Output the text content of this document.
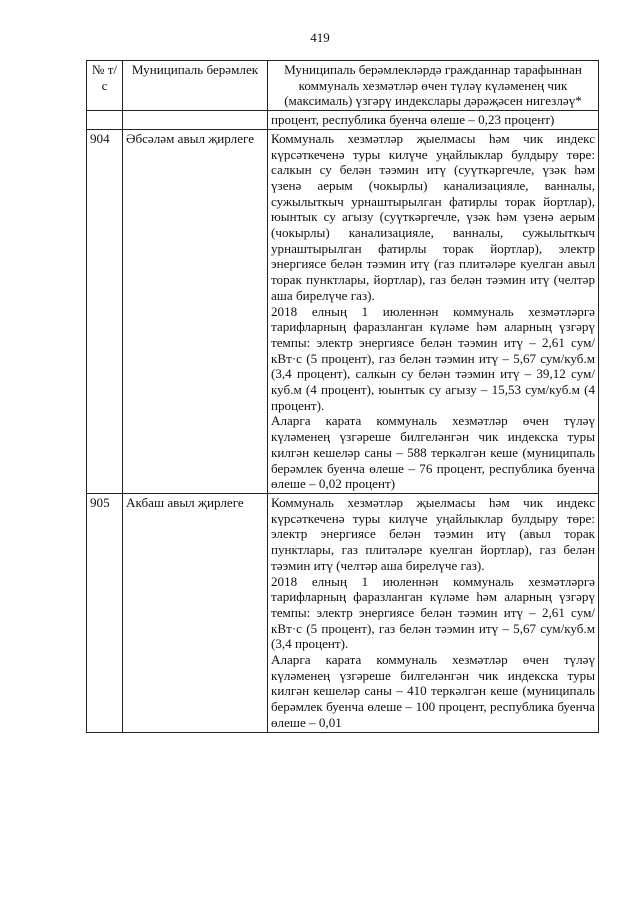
419
№ т/с	Муниципаль берәмлек	Муниципаль берәмлекләрдә гражданнар тарафыннан коммуналь хезмәтләр өчен түләү күләменең чик (максималь) үзгәрү индекслары дәрәҗәсен нигезләү*

		процент, республика буенча өлеше – 0,23 процент)

904	Әбсәләм авыл җирлеге	Коммуналь хезмәтләр җыелмасы һәм чик индекс күрсәткеченә туры килүче уңайлыклар булдыру төре: салкын су белән тәэмин итү (суүткәргечле, үзәк һәм үзенә аерым (чокырлы) канализацияле, ванналы, сужылыткыч урнаштырылган фатирлы торак йортлар), юынтык су агызу (суүткәргечле, үзәк һәм үзенә аерым (чокырлы) канализацияле, ванналы, сужылыткыч урнаштырылган фатирлы торак йортлар), электр энергиясе белән тәэмин итү (газ плитәләре куелган авыл торак пунктлары, йортлар), газ белән тәэмин итү (челтәр аша бирелүче газ).

2018 елның 1 июленнән коммуналь хезмәтләргә тарифларның фаразланган күләме һәм аларның үзгәрү темпы: электр энергиясе белән тәэмин итү – 2,61 сум/кВт·с (5 процент), газ белән тәэмин итү – 5,67 сум/куб.м (3,4 процент), салкын су белән тәэмин итү – 39,12 сум/куб.м (4 процент), юынтык су агызу – 15,53 сум/куб.м (4 процент).

Аларга карата коммуналь хезмәтләр өчен түләү күләменең үзгәреше билгеләнгән чик индекска туры килгән кешеләр саны – 588 теркәлгән кеше (муниципаль берәмлек буенча өлеше – 76 процент, республика буенча өлеше – 0,02 процент)

905	Акбаш авыл җирлеге	Коммуналь хезмәтләр җыелмасы һәм чик индекс күрсәткеченә туры килүче уңайлыклар булдыру төре: электр энергиясе белән тәэмин итү (авыл торак пунктлары, газ плитәләре куелган йортлар), газ белән тәэмин итү (челтәр аша бирелүче газ).

2018 елның 1 июленнән коммуналь хезмәтләргә тарифларның фаразланган күләме һәм аларның үзгәрү темпы: электр энергиясе белән тәэмин итү – 2,61 сум/кВт·с (5 процент), газ белән тәэмин итү – 5,67 сум/куб.м (3,4 процент).

Аларга карата коммуналь хезмәтләр өчен түләү күләменең үзгәреше билгеләнгән чик индекска туры килгән кешеләр саны – 410 теркәлгән кеше (муниципаль берәмлек буенча өлеше – 100 процент, республика буенча өлеше – 0,01
